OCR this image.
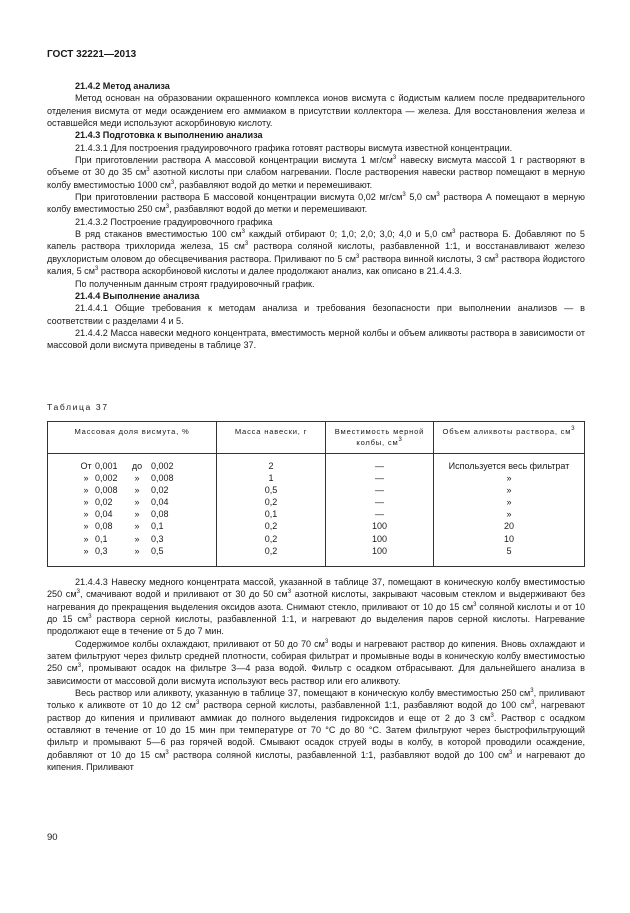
ГОСТ 32221—2013

21.4.2 Метод анализа

Метод основан на образовании окрашенного комплекса ионов висмута с йодистым калием после предварительного отделения висмута от меди осаждением его аммиаком в присутствии коллектора — железа. Для восстановления железа и оставшейся меди используют аскорбиновую кислоту.

21.4.3 Подготовка к выполнению анализа

21.4.3.1 Для построения градуировочного графика готовят растворы висмута известной концентрации.

При приготовлении раствора А массовой концентрации висмута 1 $мг/см^3$ навеску висмута массой 1 г растворяют в объеме от 30 до 35 $см^3$ азотной кислоты при слабом нагревании. После растворения навески раствор помещают в мерную колбу вместимостью 1000 $см^3$, разбавляют водой до метки и перемешивают.

При приготовлении раствора Б массовой концентрации висмута 0,02 $мг/см^3$ 5,0 $см^3$ раствора А помещают в мерную колбу вместимостью 250 $см^3$, разбавляют водой до метки и перемешивают.

21.4.3.2 Построение градуировочного графика

В ряд стаканов вместимостью 100 $см^3$ каждый отбирают 0; 1,0; 2,0; 3,0; 4,0 и 5,0 $см^3$ раствора Б. Добавляют по 5 капель раствора трихлорида железа, 15 $см^3$ раствора соляной кислоты, разбавленной 1:1, и восстанавливают железо двухлористым оловом до обесцвечивания раствора. Приливают по 5 $см^3$ раствора винной кислоты, 3 $см^3$ раствора йодистого калия, 5 $см^3$ раствора аскорбиновой кислоты и далее продолжают анализ, как описано в 21.4.4.3.

По полученным данным строят градуировочный график.

21.4.4 Выполнение анализа

21.4.4.1 Общие требования к методам анализа и требования безопасности при выполнении анализов — в соответствии с разделами 4 и 5.

21.4.4.2 Масса навески медного концентрата, вместимость мерной колбы и объем аликвоты раствора в зависимости от массовой доли висмута приведены в таблице 37.

Таблица 37
Массовая доля висмута, %	Масса навески, г	Вместимость мерной колбы, $см^3$	Объем аликвоты раствора, $см^3$

От 0,001 до 0,002	2	—	Используется весь фильтрат

» 0,002 » 0,008	1	—	»

» 0,008 » 0,02	0,5	—	»

» 0,02 » 0,04	0,2	—	»

» 0,04 » 0,08	0,1	—	»

» 0,08 » 0,1	0,2	100	20

» 0,1 » 0,3	0,2	100	10

» 0,3 » 0,5	0,2	100	5

21.4.4.3 Навеску медного концентрата массой, указанной в таблице 37, помещают в коническую колбу вместимостью 250 $см^3$, смачивают водой и приливают от 30 до 50 $см^3$ азотной кислоты, закрывают часовым стеклом и выдерживают без нагревания до прекращения выделения оксидов азота. Снимают стекло, приливают от 10 до 15 $см^3$ соляной кислоты и от 10 до 15 $см^3$ раствора серной кислоты, разбавленной 1:1, и нагревают до выделения паров серной кислоты. Нагревание продолжают еще в течение от 5 до 7 мин.

Содержимое колбы охлаждают, приливают от 50 до 70 $см^3$ воды и нагревают раствор до кипения. Вновь охлаждают и затем фильтруют через фильтр средней плотности, собирая фильтрат и промывные воды в коническую колбу вместимостью 250 $см^3$, промывают осадок на фильтре 3—4 раза водой. Фильтр с осадком отбрасывают. Для дальнейшего анализа в зависимости от массовой доли висмута используют весь раствор или его аликвоту.

Весь раствор или аликвоту, указанную в таблице 37, помещают в коническую колбу вместимостью 250 $см^3$, приливают только к аликвоте от 10 до 12 $см^3$ раствора серной кислоты, разбавленной 1:1, разбавляют водой до 100 $см^3$, нагревают раствор до кипения и приливают аммиак до полного выделения гидроксидов и еще от 2 до 3 $см^3$. Раствор с осадком оставляют в течение от 10 до 15 мин при температуре от 70 °С до 80 °С. Затем фильтруют через быстрофильтрующий фильтр и промывают 5—6 раз горячей водой. Смывают осадок струей воды в колбу, в которой проводили осаждение, добавляют от 10 до 15 $см^3$ раствора соляной кислоты, разбавленной 1:1, разбавляют водой до 100 $см^3$ и нагревают до кипения. Приливают

90
